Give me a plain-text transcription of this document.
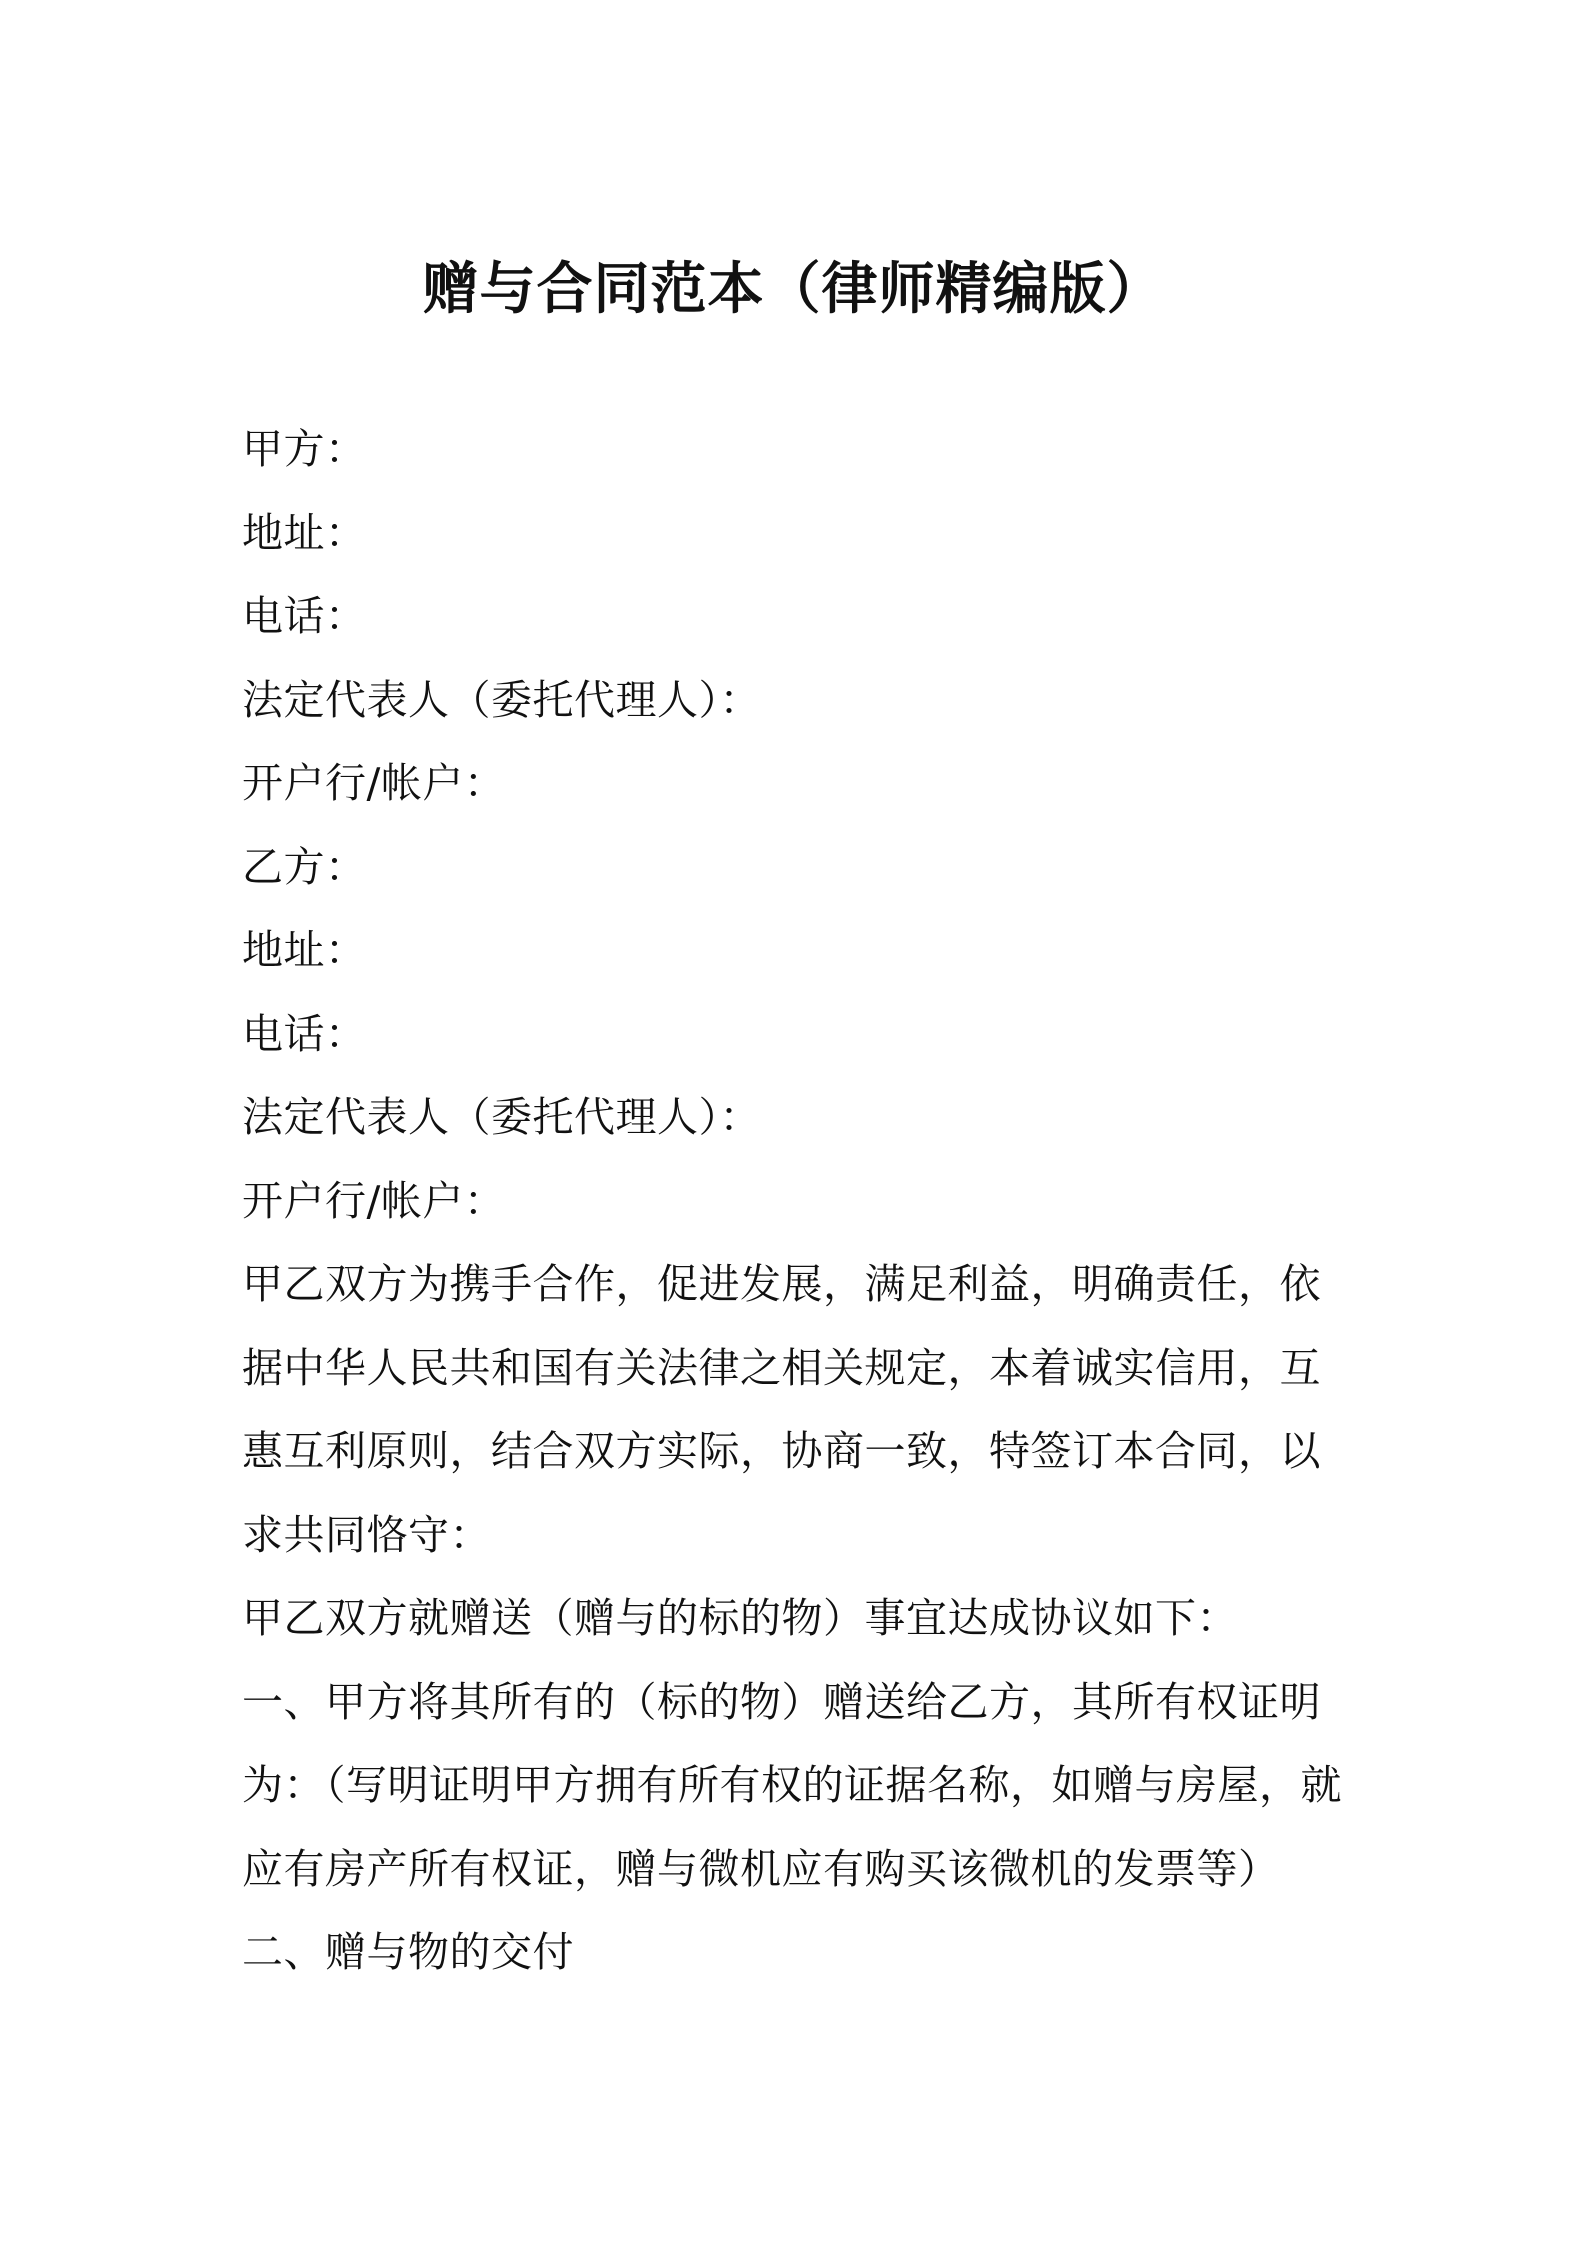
赠与合同范本（律师精编版）
甲方：
地址：
电话：
法定代表人（委托代理人）：
开户行/帐户：
乙方：
地址：
电话：
法定代表人（委托代理人）：
开户行/帐户：
甲乙双方为携手合作，促进发展，满足利益，明确责任，依据中华人民共和国有关法律之相关规定，本着诚实信用，互惠互利原则，结合双方实际，协商一致，特签订本合同，以求共同恪守：
甲乙双方就赠送（赠与的标的物）事宜达成协议如下：
一、甲方将其所有的（标的物）赠送给乙方，其所有权证明为：（写明证明甲方拥有所有权的证据名称，如赠与房屋，就应有房产所有权证，赠与微机应有购买该微机的发票等）
二、赠与物的交付
